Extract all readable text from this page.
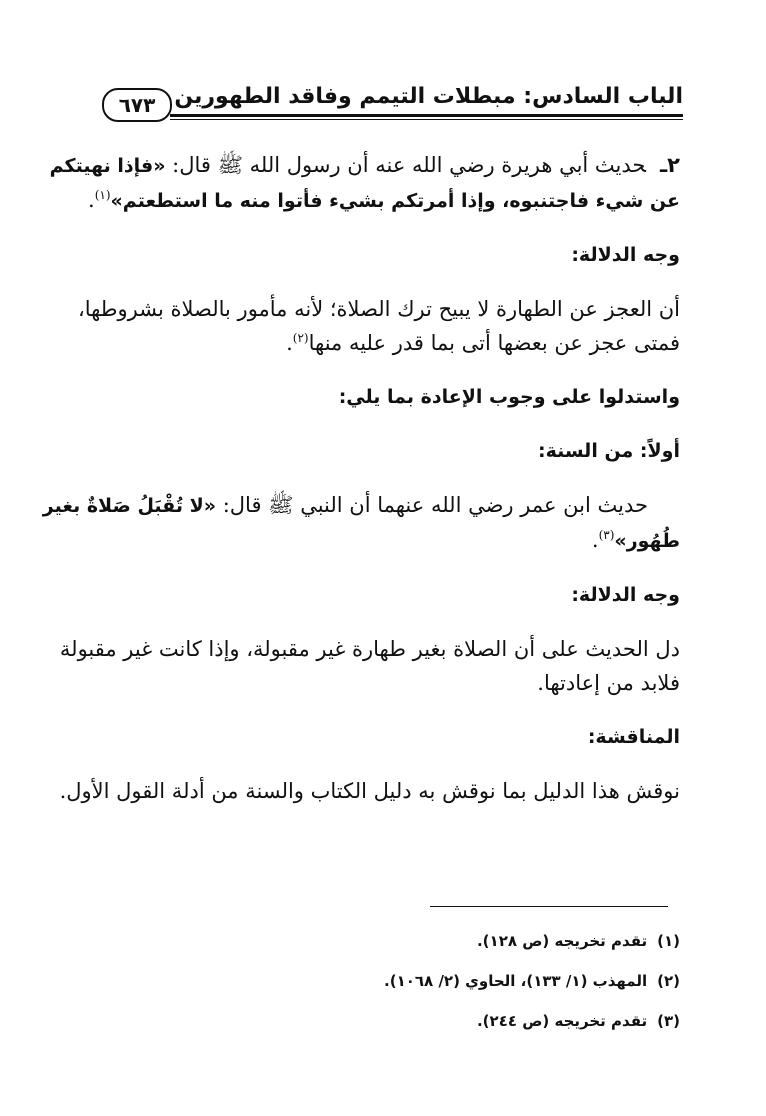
الباب السادس: مبطلات التيمم وفاقد الطهورين
٦٧٣
٢ـحديث أبي هريرة رضي الله عنه أن رسول الله ﷺ قال: «فإذا نهيتكم
عن شيء فاجتنبوه، وإذا أمرتكم بشيء فأتوا منه ما استطعتم»$^{(١)}$.
وجه الدلالة:
أن العجز عن الطهارة لا يبيح ترك الصلاة؛ لأنه مأمور بالصلاة بشروطها،
فمتى عجز عن بعضها أتى بما قدر عليه منها$^{(٢)}$.
واستدلوا على وجوب الإعادة بما يلي:
أولاً: من السنة:
حديث ابن عمر رضي الله عنهما أن النبي ﷺ قال: «لا تُقْبَلُ صَلاةٌ بغير
طُهُور»$^{(٣)}$.
وجه الدلالة:
دل الحديث على أن الصلاة بغير طهارة غير مقبولة، وإذا كانت غير مقبولة
فلابد من إعادتها.
المناقشة:
نوقش هذا الدليل بما نوقش به دليل الكتاب والسنة من أدلة القول الأول.
(١)تقدم تخريجه (ص ١٢٨).
(٢)المهذب (١/ ١٣٣)، الحاوي (٢/ ١٠٦٨).
(٣)تقدم تخريجه (ص ٢٤٤).
